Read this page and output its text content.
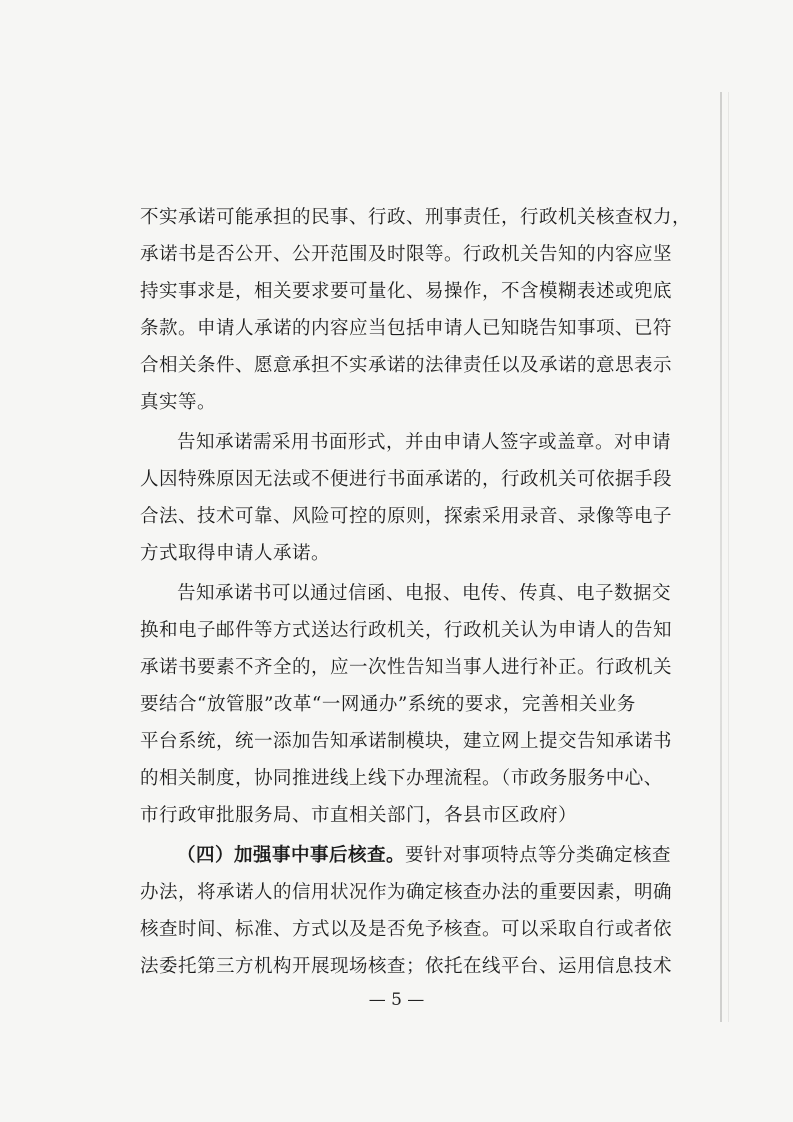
不实承诺可能承担的民事、行政、刑事责任，行政机关核查权力，
承诺书是否公开、公开范围及时限等。行政机关告知的内容应坚
持实事求是，相关要求要可量化、易操作，不含模糊表述或兜底
条款。申请人承诺的内容应当包括申请人已知晓告知事项、已符
合相关条件、愿意承担不实承诺的法律责任以及承诺的意思表示
真实等。
告知承诺需采用书面形式，并由申请人签字或盖章。对申请
人因特殊原因无法或不便进行书面承诺的，行政机关可依据手段
合法、技术可靠、风险可控的原则，探索采用录音、录像等电子
方式取得申请人承诺。
告知承诺书可以通过信函、电报、电传、传真、电子数据交
换和电子邮件等方式送达行政机关，行政机关认为申请人的告知
承诺书要素不齐全的，应一次性告知当事人进行补正。行政机关
要结合“放管服”改革“一网通办”系统的要求，完善相关业务
平台系统，统一添加告知承诺制模块，建立网上提交告知承诺书
的相关制度，协同推进线上线下办理流程。（市政务服务中心、
市行政审批服务局、市直相关部门，各县市区政府）
（四）加强事中事后核查。要针对事项特点等分类确定核查
办法，将承诺人的信用状况作为确定核查办法的重要因素，明确
核查时间、标准、方式以及是否免予核查。可以采取自行或者依
法委托第三方机构开展现场核查；依托在线平台、运用信息技术
— 5 —
